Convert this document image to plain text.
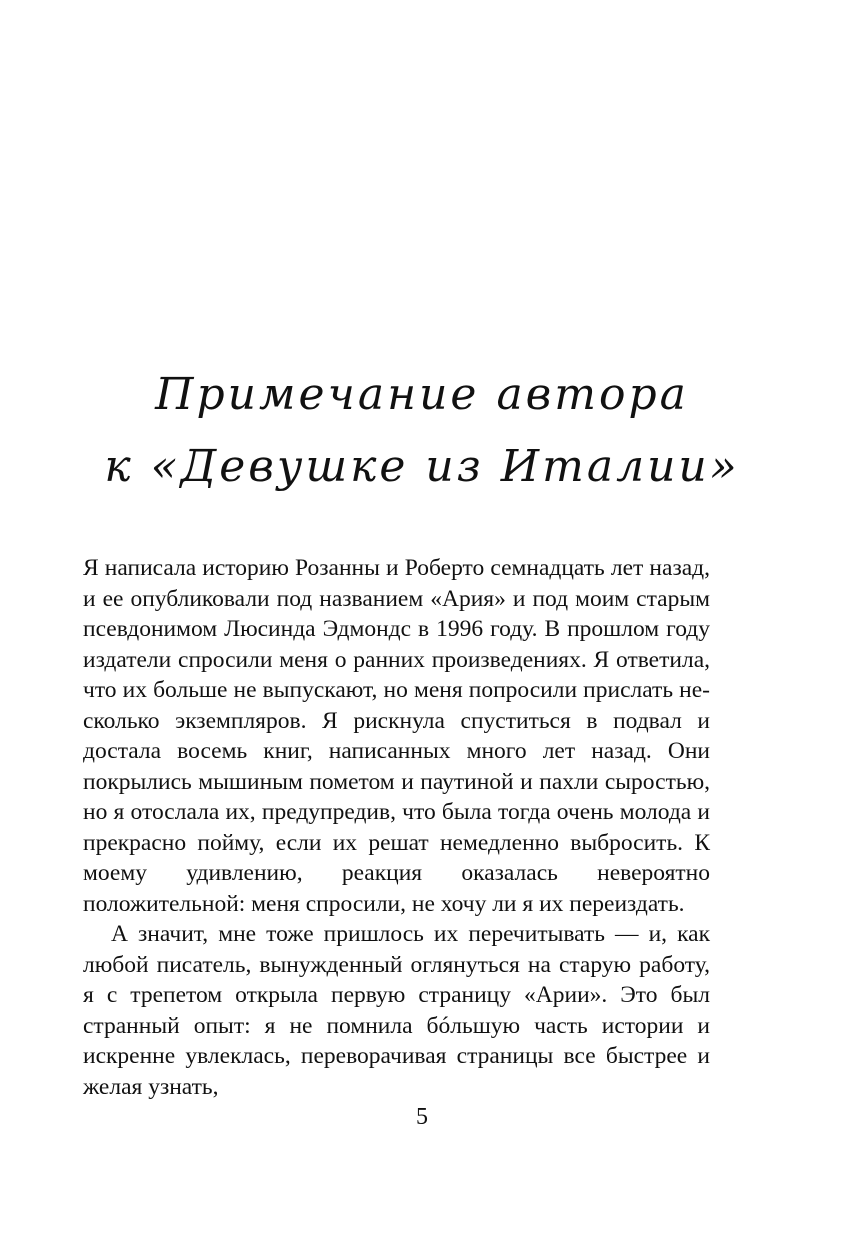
Примечание автора
к «Девушке из Италии»

Я написала историю Розанны и Роберто семнадцать лет назад, и ее опубликовали под названием «Ария» и под моим старым псевдонимом Люсинда Эдмондс в 1996 году. В прошлом году издатели спросили меня о ранних произведениях. Я ответила, что их больше не выпускают, но меня попросили прислать несколько экземпляров. Я рискнула спуститься в подвал и достала восемь книг, написанных много лет назад. Они покрылись мышиным пометом и паутиной и пахли сыростью, но я отослала их, предупредив, что была тогда очень молода и прекрасно пойму, если их решат немедленно выбросить. К моему удивлению, реакция оказалась невероятно положительной: меня спросили, не хочу ли я их переиздать.

А значит, мне тоже пришлось их перечитывать — и, как любой писатель, вынужденный оглянуться на старую работу, я с трепетом открыла первую страницу «Арии». Это был странный опыт: я не помнила бóльшую часть истории и искренне увлеклась, переворачивая страницы все быстрее и желая узнать,

5
